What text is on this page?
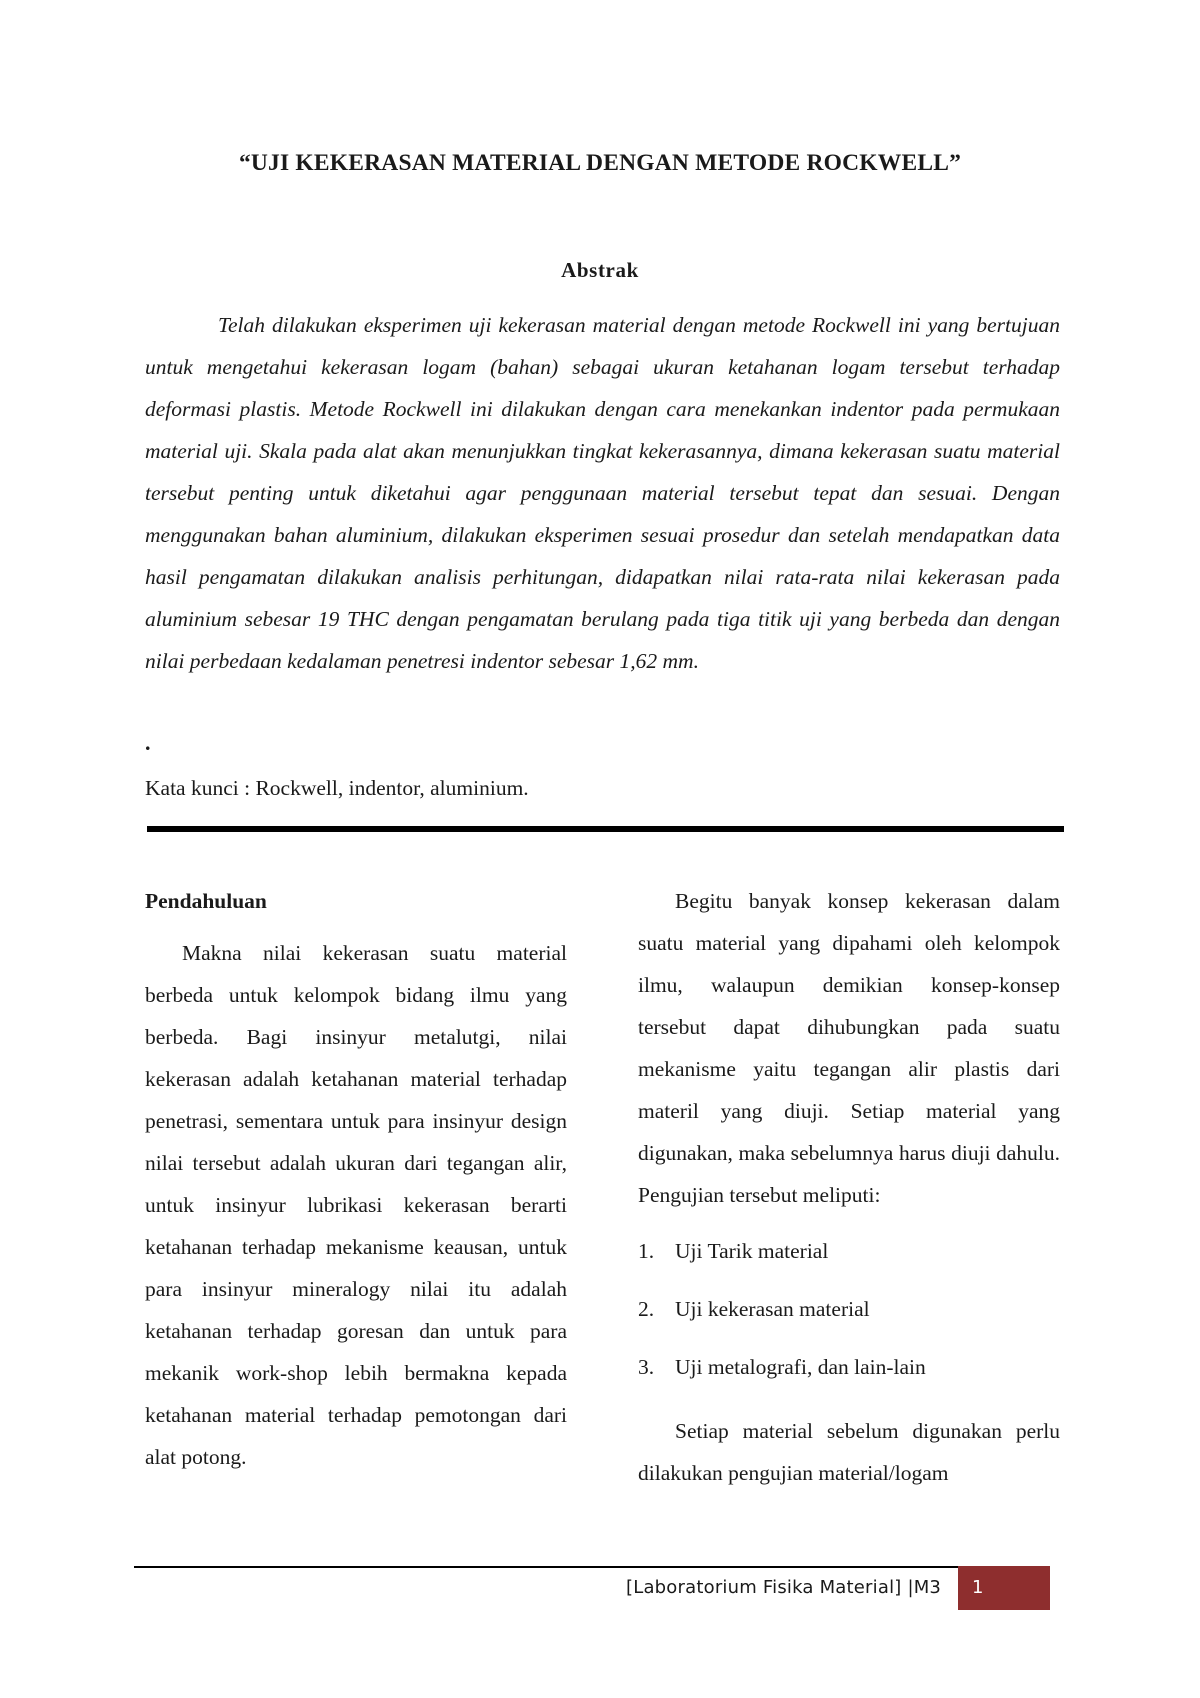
“UJI KEKERASAN MATERIAL DENGAN METODE ROCKWELL”
Abstrak

Telah dilakukan eksperimen uji kekerasan material dengan metode Rockwell ini yang bertujuan untuk mengetahui kekerasan logam (bahan) sebagai ukuran ketahanan logam tersebut terhadap deformasi plastis. Metode Rockwell ini dilakukan dengan cara menekankan indentor pada permukaan material uji. Skala pada alat akan menunjukkan tingkat kekerasannya, dimana kekerasan suatu material tersebut penting untuk diketahui agar penggunaan material tersebut tepat dan sesuai. Dengan menggunakan bahan aluminium, dilakukan eksperimen sesuai prosedur dan setelah mendapatkan data hasil pengamatan dilakukan analisis perhitungan, didapatkan nilai rata-rata nilai kekerasan pada aluminium sebesar 19 THC dengan pengamatan berulang pada tiga titik uji yang berbeda dan dengan nilai perbedaan kedalaman penetresi indentor sebesar 1,62 mm.

.
Kata kunci : Rockwell, indentor, aluminium.
Pendahuluan

Makna nilai kekerasan suatu material berbeda untuk kelompok bidang ilmu yang berbeda. Bagi insinyur metalutgi, nilai kekerasan adalah ketahanan material terhadap penetrasi, sementara untuk para insinyur design nilai tersebut adalah ukuran dari tegangan alir, untuk insinyur lubrikasi kekerasan berarti ketahanan terhadap mekanisme keausan, untuk para insinyur mineralogy nilai itu adalah ketahanan terhadap goresan dan untuk para mekanik work-shop lebih bermakna kepada ketahanan material terhadap pemotongan dari alat potong.

Begitu banyak konsep kekerasan dalam suatu material yang dipahami oleh kelompok ilmu, walaupun demikian konsep-konsep tersebut dapat dihubungkan pada suatu mekanisme yaitu tegangan alir plastis dari materil yang diuji. Setiap material yang digunakan, maka sebelumnya harus diuji dahulu. Pengujian tersebut meliputi:

1. Uji Tarik material
2. Uji kekerasan material
3. Uji metalografi, dan lain-lain

Setiap material sebelum digunakan perlu dilakukan pengujian material/logam

[Laboratorium Fisika Material] |M3	1
